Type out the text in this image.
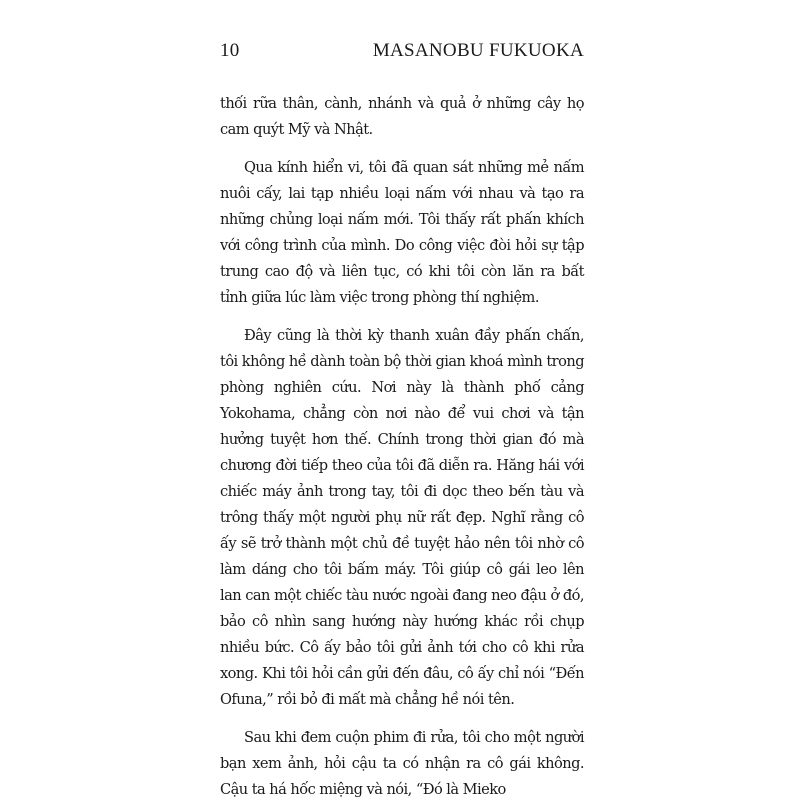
10	MASANOBU FUKUOKA

thối rữa thân, cành, nhánh và quả ở những cây họ cam quýt Mỹ và Nhật.

Qua kính hiển vi, tôi đã quan sát những mẻ nấm nuôi cấy, lai tạp nhiều loại nấm với nhau và tạo ra những chủng loại nấm mới. Tôi thấy rất phấn khích với công trình của mình. Do công việc đòi hỏi sự tập trung cao độ và liên tục, có khi tôi còn lăn ra bất tỉnh giữa lúc làm việc trong phòng thí nghiệm.

Đây cũng là thời kỳ thanh xuân đầy phấn chấn, tôi không hề dành toàn bộ thời gian khoá mình trong phòng nghiên cứu. Nơi này là thành phố cảng Yokohama, chẳng còn nơi nào để vui chơi và tận hưởng tuyệt hơn thế. Chính trong thời gian đó mà chương đời tiếp theo của tôi đã diễn ra. Hăng hái với chiếc máy ảnh trong tay, tôi đi dọc theo bến tàu và trông thấy một người phụ nữ rất đẹp. Nghĩ rằng cô ấy sẽ trở thành một chủ đề tuyệt hảo nên tôi nhờ cô làm dáng cho tôi bấm máy. Tôi giúp cô gái leo lên lan can một chiếc tàu nước ngoài đang neo đậu ở đó, bảo cô nhìn sang hướng này hướng khác rồi chụp nhiều bức. Cô ấy bảo tôi gửi ảnh tới cho cô khi rửa xong. Khi tôi hỏi cần gửi đến đâu, cô ấy chỉ nói “Đến Ofuna,” rồi bỏ đi mất mà chẳng hề nói tên.

Sau khi đem cuộn phim đi rửa, tôi cho một người bạn xem ảnh, hỏi cậu ta có nhận ra cô gái không. Cậu ta há hốc miệng và nói, “Đó là Mieko
